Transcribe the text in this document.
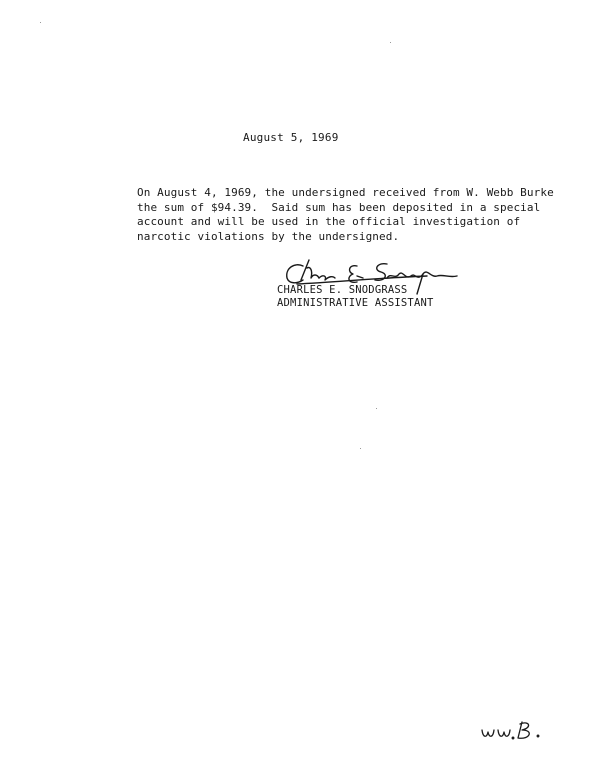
August 5, 1969
On August 4, 1969, the undersigned received from W. Webb Burke
the sum of $94.39.  Said sum has been deposited in a special
account and will be used in the official investigation of
narcotic violations by the undersigned.
CHARLES E. SNODGRASS
ADMINISTRATIVE ASSISTANT
